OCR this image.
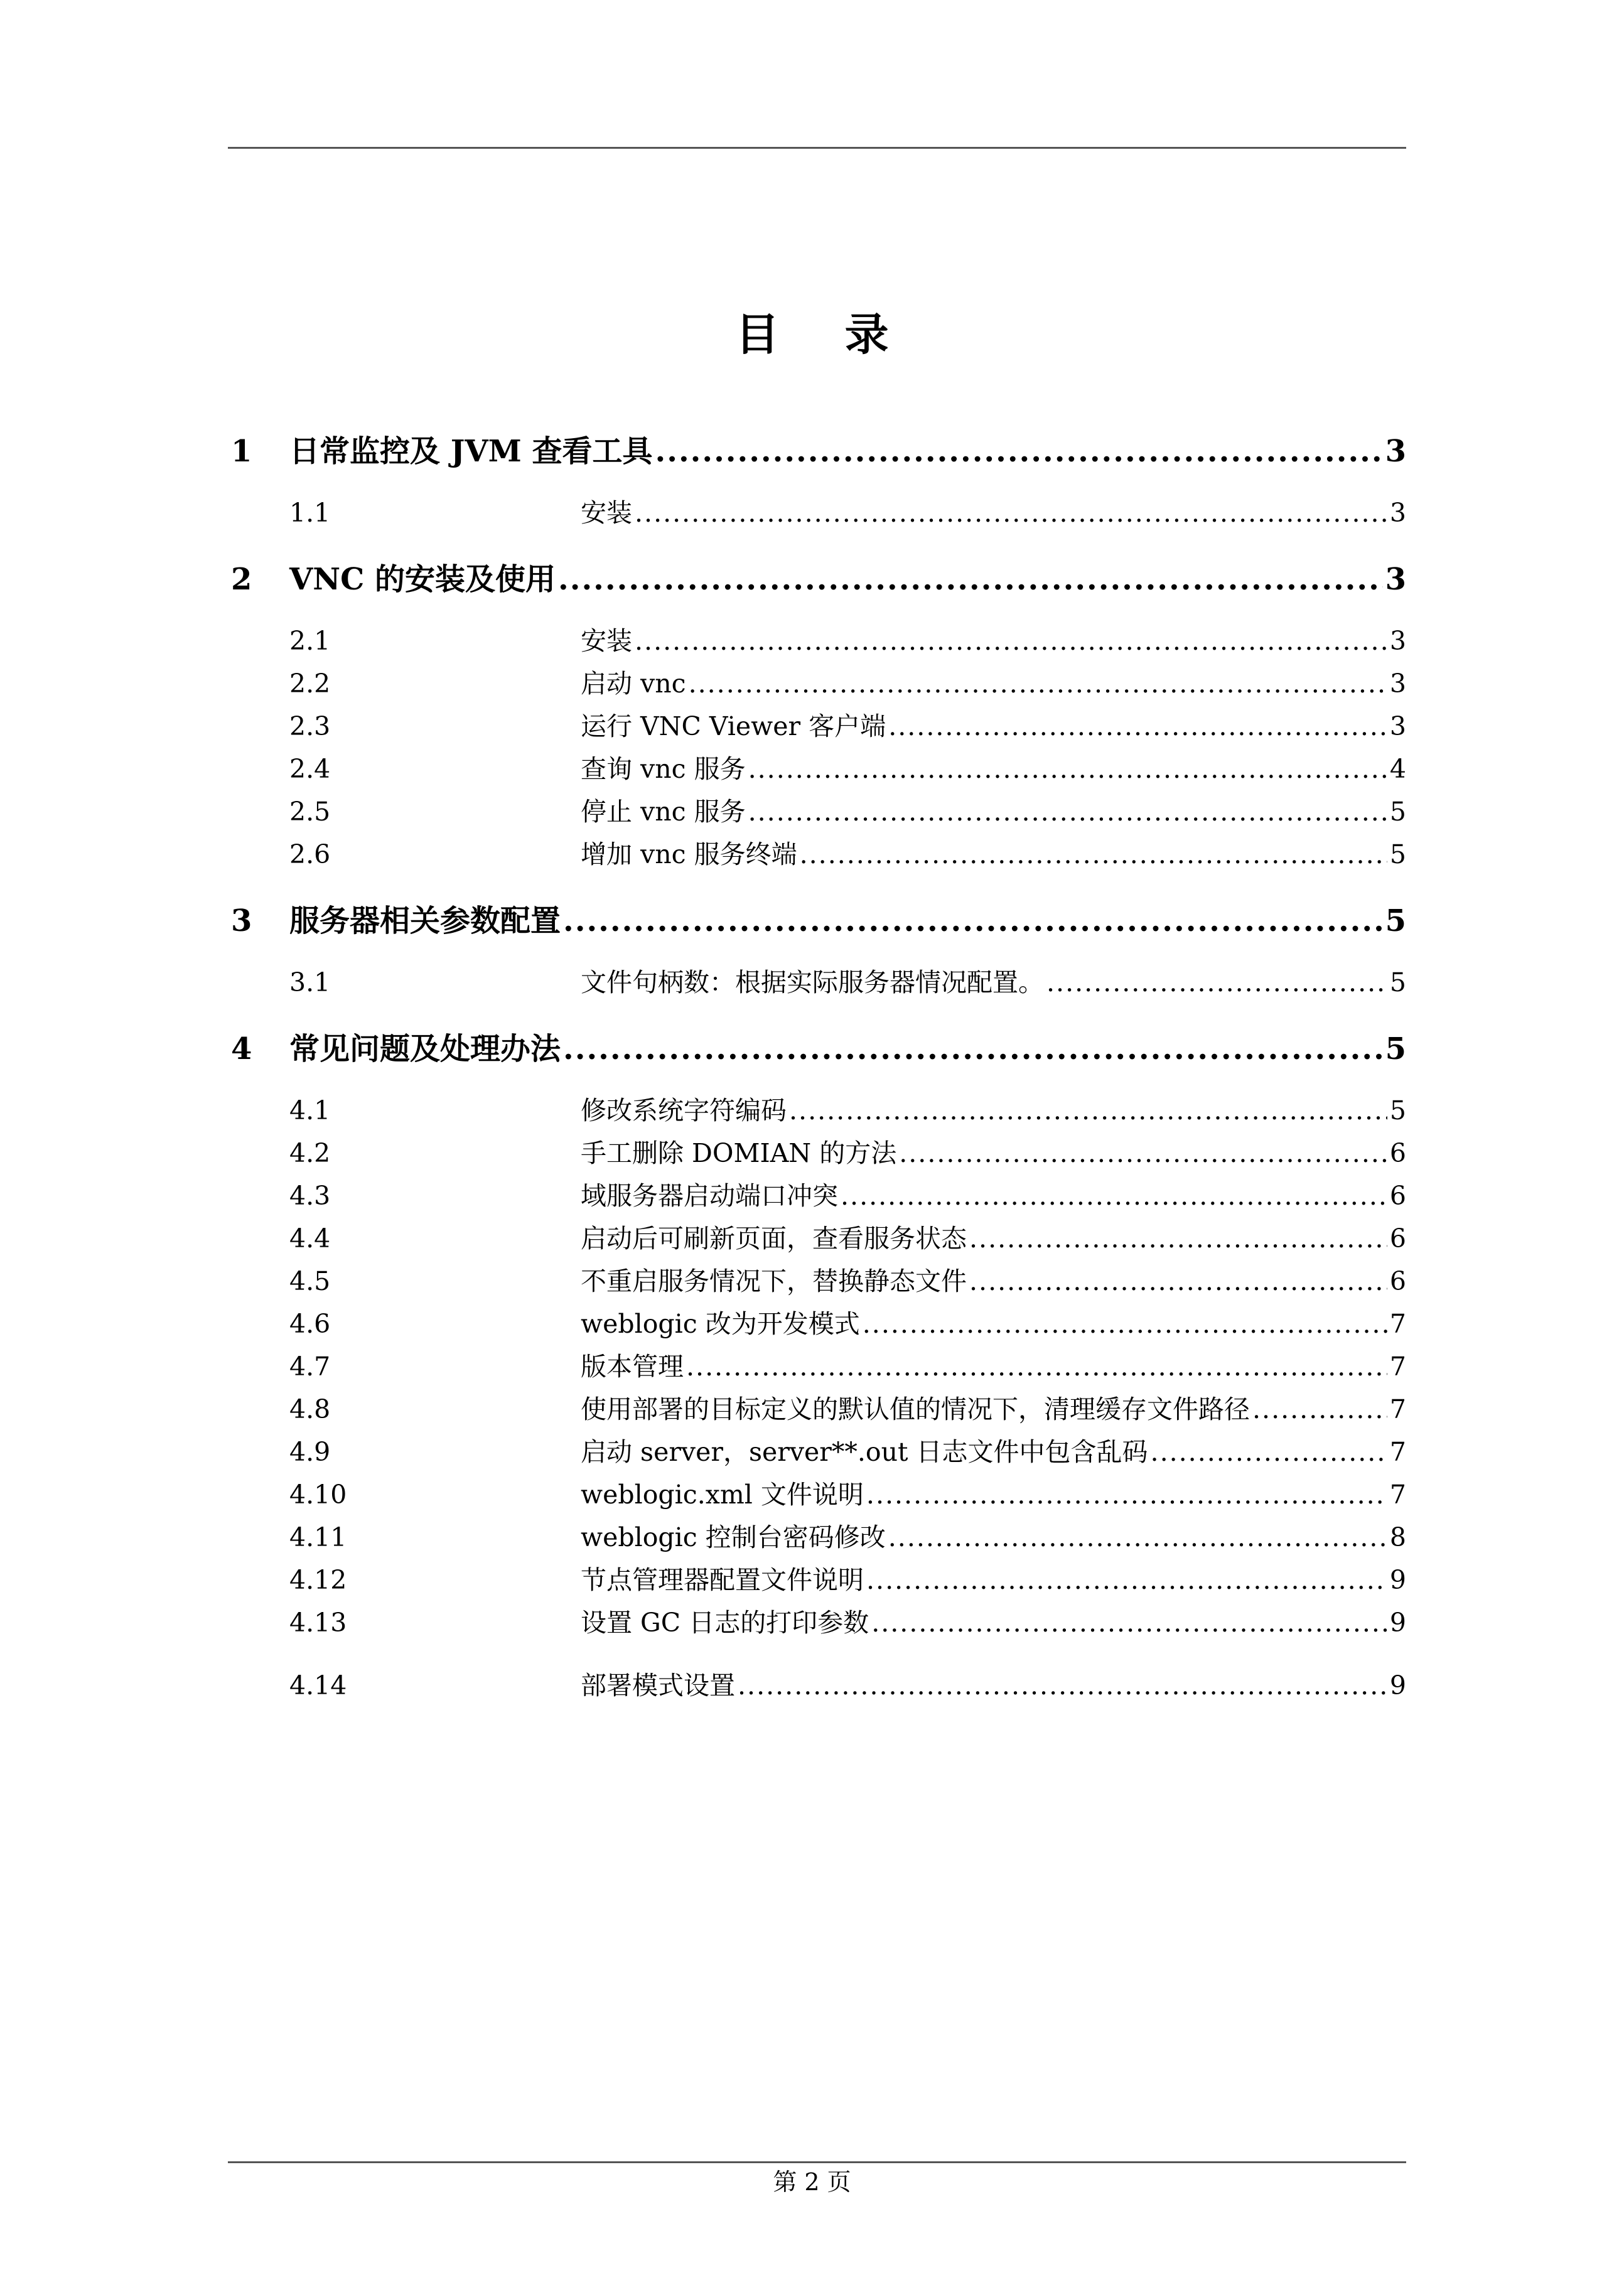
目 录
1	日常监控及 JVM 查看工具 .....	3
1.1	安装 .....	3
2	VNC 的安装及使用 .....	3
2.1	安装 .....	3
2.2	启动 vnc .....	3
2.3	运行 VNC Viewer 客户端 .....	3
2.4	查询 vnc 服务 .....	4
2.5	停止 vnc 服务 .....	5
2.6	增加 vnc 服务终端 .....	5
3	服务器相关参数配置 .....	5
3.1	文件句柄数：根据实际服务器情况配置。 .....	5
4	常见问题及处理办法 .....	5
4.1	修改系统字符编码 .....	5
4.2	手工删除 DOMIAN 的方法 .....	6
4.3	域服务器启动端口冲突 .....	6
4.4	启动后可刷新页面，查看服务状态 .....	6
4.5	不重启服务情况下，替换静态文件 .....	6
4.6	weblogic 改为开发模式 .....	7
4.7	版本管理 .....	7
4.8	使用部署的目标定义的默认值的情况下，清理缓存文件路径 .....	7
4.9	启动 server，server**.out 日志文件中包含乱码 .....	7
4.10	weblogic.xml 文件说明 .....	7
4.11	weblogic 控制台密码修改 .....	8
4.12	节点管理器配置文件说明 .....	9
4.13	设置 GC 日志的打印参数 .....	9
4.14	部署模式设置 .....	9
第 2 页
